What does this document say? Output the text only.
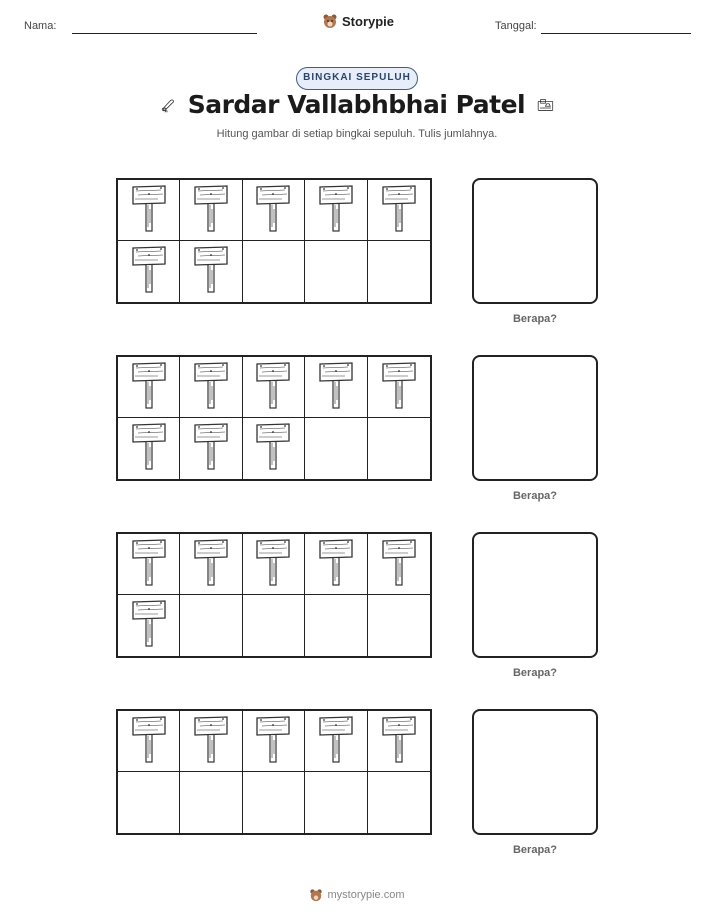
Nama:	Storypie	Tanggal:
BINGKAI SEPULUH
Sardar Vallabhbhai Patel
Hitung gambar di setiap bingkai sepuluh. Tulis jumlahnya.
Berapa?
Berapa?
Berapa?
Berapa?
mystorypie.com
